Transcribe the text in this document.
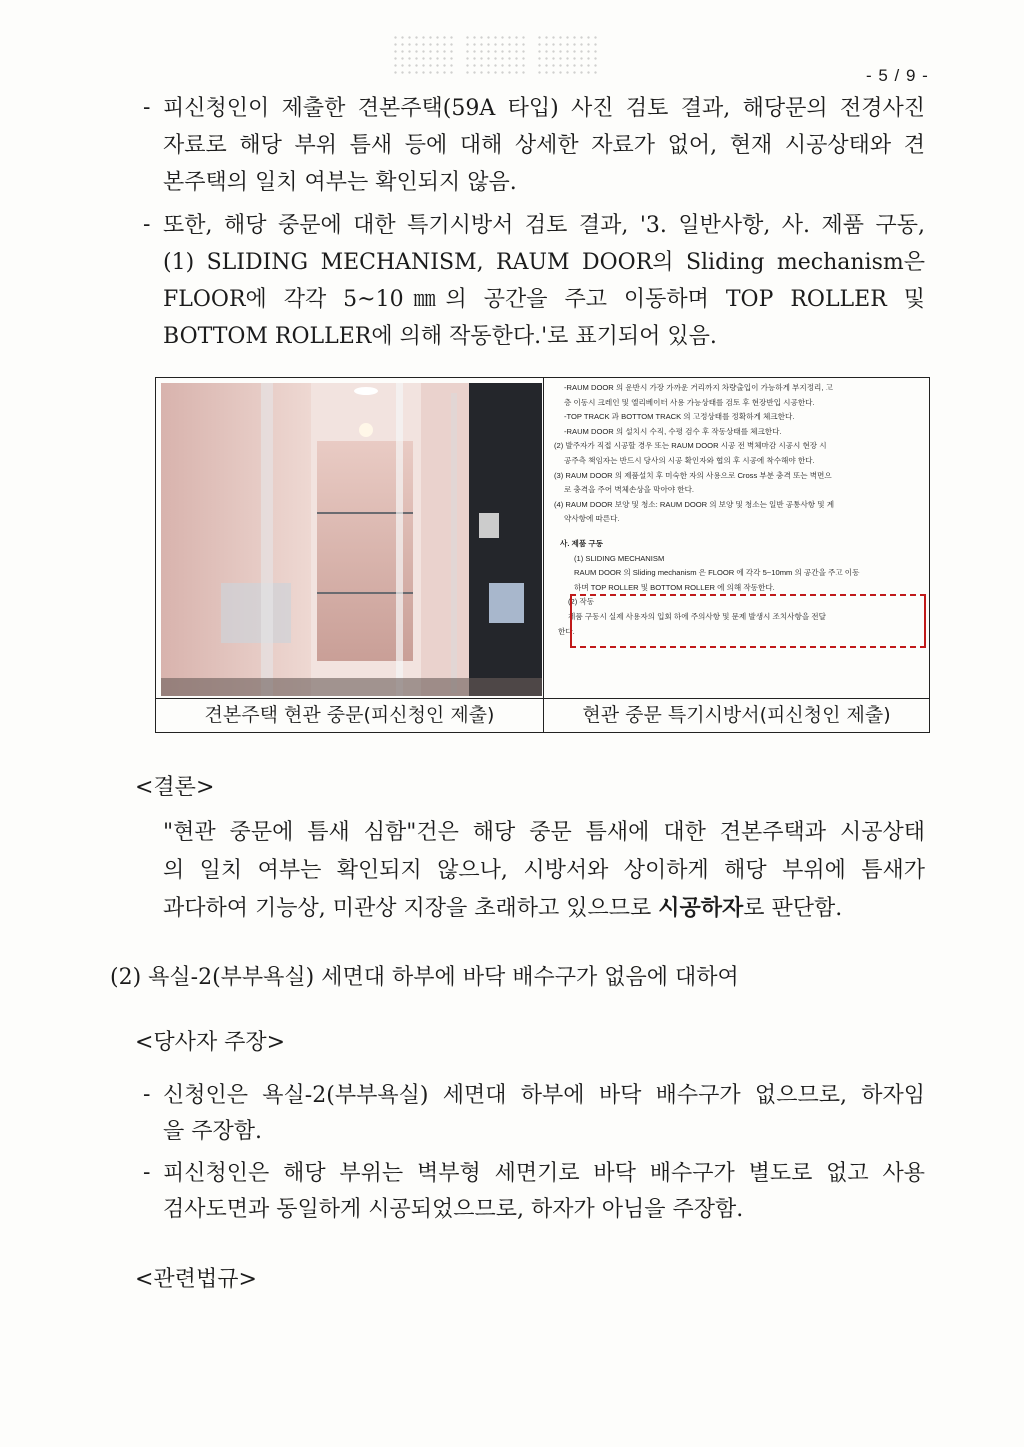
- 5 / 9 -
- 피신청인이 제출한 견본주택(59A 타입) 사진 검토 결과, 해당문의 전경사진
자료로 해당 부위 틈새 등에 대해 상세한 자료가 없어, 현재 시공상태와 견
본주택의 일치 여부는 확인되지 않음.
- 또한, 해당 중문에 대한 특기시방서 검토 결과, '3. 일반사항, 사. 제품 구동,
(1) SLIDING MECHANISM, RAUM DOOR의 Sliding mechanism은
FLOOR에 각각 5~10㎜의 공간을 주고 이동하며 TOP ROLLER 및
BOTTOM ROLLER에 의해 작동한다.'로 표기되어 있음.
-RAUM DOOR 의 운반시 가장 가까운 거리까지 차량출입이 가능하게 부지정리, 고
층 이동시 크레인 및 엘리베이터 사용 가능상태를 검토 후 현장반입 시공한다.
-TOP TRACK 과 BOTTOM TRACK 의 고정상태를 정확하게 체크한다.
-RAUM DOOR 의 설치시 수직, 수평 검수 후 작동상태를 체크한다.
(2) 발주자가 직접 시공할 경우 또는 RAUM DOOR 시공 전 벽체마감 시공시 현장 시
공주측 책임자는 반드시 당사의 시공 확인자와 협의 후 시공에 착수해야 한다.
(3) RAUM DOOR 의 제품설치 후 미숙한 자의 사용으로 Cross 부분 충격 또는 벽면으
로 충격을 주어 벽체손상을 막아야 한다.
(4) RAUM DOOR 보양 및 청소: RAUM DOOR 의 보양 및 청소는 일반 공통사항 및 계
약사항에 따른다.
사. 제품 구동
(1) SLIDING MECHANISM
RAUM DOOR 의 Sliding mechanism 은 FLOOR 에 각각 5~10mm 의 공간을 주고 이동
하며 TOP ROLLER 및 BOTTOM ROLLER 에 의해 작동한다.
(2) 작동
제품 구동시 실제 사용자의 입회 하에 주의사항 및 문제 발생시 조치사항을 전달
한다.
견본주택 현관 중문(피신청인 제출)	현관 중문 특기시방서(피신청인 제출)
<결론>
"현관 중문에 틈새 심함"건은 해당 중문 틈새에 대한 견본주택과 시공상태
의 일치 여부는 확인되지 않으나, 시방서와 상이하게 해당 부위에 틈새가
과다하여 기능상, 미관상 지장을 초래하고 있으므로 시공하자로 판단함.
(2) 욕실-2(부부욕실) 세면대 하부에 바닥 배수구가 없음에 대하여
<당사자 주장>
- 신청인은 욕실-2(부부욕실) 세면대 하부에 바닥 배수구가 없으므로, 하자임
을 주장함.
- 피신청인은 해당 부위는 벽부형 세면기로 바닥 배수구가 별도로 없고 사용
검사도면과 동일하게 시공되었으므로, 하자가 아님을 주장함.
<관련법규>
